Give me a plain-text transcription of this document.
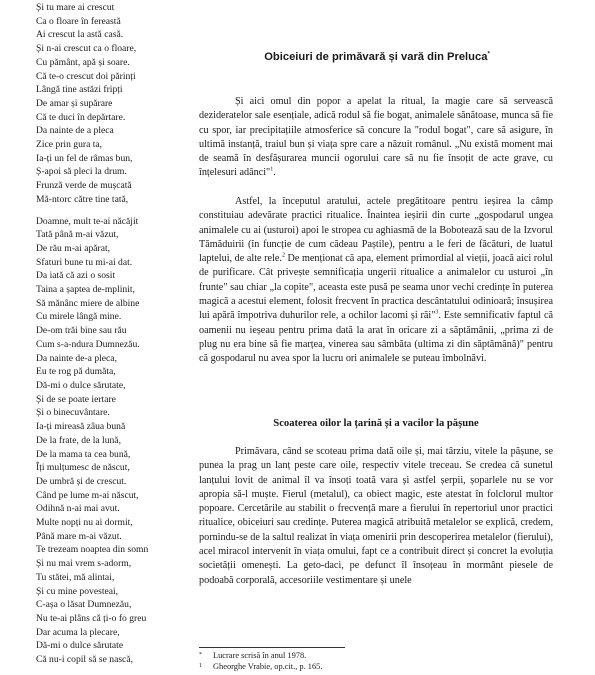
Și tu mare ai crescut
Ca o floare în fereastă
Ai crescut la astă casă.
Și n-ai crescut ca o floare,
Cu pământ, apă și soare.
Că te-o crescut doi părinți
Lângă tine astăzi fripți
De amar și supărare
Că te duci în depărtare.
Da nainte de a pleca
Zice prin gura ta,
Ia-ți un fel de râmas bun,
Ș-apoi să pleci la drum.
Frunză verde de mușcată
Mă-ntorc către tine tată,
Doamne, mult te-ai năcăjit
Tată până m-ai văzut,
De rău m-ai apărat,
Sfaturi bune tu mi-ai dat.
Da iată că azi o sosit
Taina a șaptea de-mplinit,
Să mănânc miere de albine
Cu mirele lângă mine.
De-om trăi bine sau rău
Cum s-a-ndura Dumnezău.
Da nainte de-a pleca,
Eu te rog pă dumăta,
Dă-mi o dulce sărutate,
Și de se poate iertare
Și o binecuvântare.
Ia-ți mireasă zâua bună
De la frate, de la lună,
De la mama ta cea bună,
Îți mulțumesc de născut,
De umbră și de crescut.
Când pe lume m-ai născut,
Odihnă n-ai mai avut.
Multe nopți nu ai dormit,
Până mare m-ai văzut.
Te trezeam noaptea din somn
Și nu mai vrem s-adorm,
Tu stătei, mă alintai,
Și cu mine povesteai,
C-așa o lăsat Dumnezău,
Nu te-ai plâns că ți-o fo greu
Dar acuma la plecare,
Dă-mi o dulce sărutate
Că nu-i copil să se nască,
Obiceiuri de primăvară și vară din Preluca*

Și aici omul din popor a apelat la ritual, la magie care să servească dezideratelor sale esențiale, adică rodul să fie bogat, animalele sănătoase, munca să fie cu spor, iar precipitațiile atmosferice să concure la "rodul bogat", care să asigure, în ultimă instanță, traiul bun și viața spre care a năzuit românul. „Nu există moment mai de seamă în desfășurarea muncii ogorului care să nu fie însoțit de acte grave, cu înțelesuri adânci"$^1$.

Astfel, la începutul aratului, actele pregătitoare pentru ieșirea la câmp constituiau adevărate practici ritualice. Înaintea ieșirii din curte „gospodarul ungea animalele cu ai (usturoi) apoi le stropea cu aghiasmă de la Bobotează sau de la Izvorul Tămăduirii (în funcție de cum cădeau Paștile), pentru a le feri de făcături, de luatul laptelui, de alte rele.$^2$ De menționat că apa, element primordial al vieții, joacă aici rolul de purificare. Cât privește semnificația ungerii ritualice a animalelor cu usturoi „în frunte" sau chiar „la copite", aceasta este pusă pe seama unor vechi credințe în puterea magică a acestui element, folosit frecvent în practica descântatului odinioară; însușirea lui apără împotriva duhurilor rele, a ochilor lacomi și răi"$^3$. Este semnificativ faptul că oamenii nu ieșeau pentru prima dată la arat în oricare zi a săptămânii, „prima zi de plug nu era bine să fie marțea, vinerea sau sâmbăta (ultima zi din săptămână)" pentru că gospodarul nu avea spor la lucru ori animalele se puteau îmbolnăvi.

Scoaterea oilor la țarină și a vacilor la pășune

Primăvara, când se scoteau prima dată oile și, mai târziu, vitele la pășune, se punea la prag un lanț peste care oile, respectiv vitele treceau. Se credea că sunetul lanțului lovit de animal îl va însoți toată vara și astfel șerpii, șoparlele nu se vor apropia să-l muște. Fierul (metalul), ca obiect magic, este atestat în folclorul multor popoare. Cercetările au stabilit o frecvență mare a fierului în repertoriul unor practici ritualice, obiceiuri sau credințe. Puterea magică atribuită metalelor se explică, credem, pornindu-se de la saltul realizat în viața omenirii prin descoperirea metalelor (fierului), acel miracol intervenit în viața omului, fapt ce a contribuit direct și concret la evoluția societății omenești. La geto-daci, pe defunct îl însoțeau în mormânt piesele de podoabă corporală, accesoriile vestimentare și unele

* Lucrare scrisă în anul 1978.
1 Gheorghe Vrabie, op.cit., p. 165.
